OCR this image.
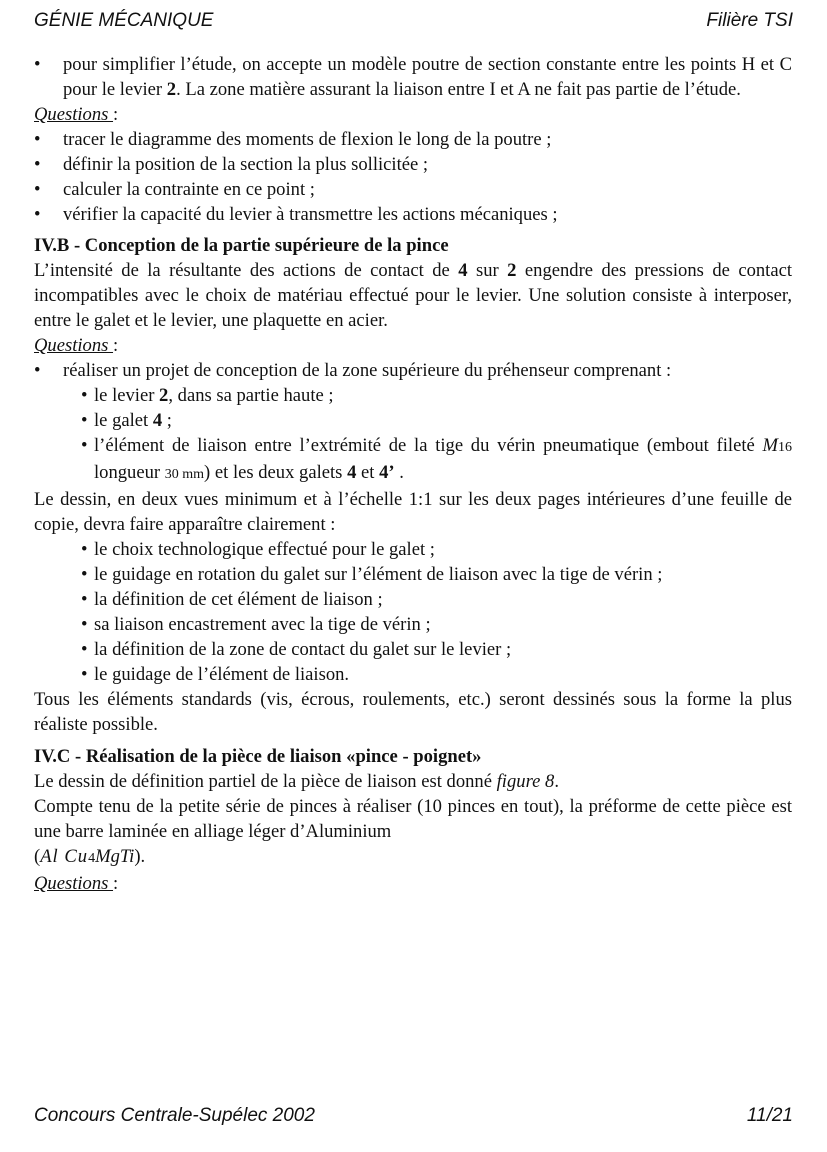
GÉNIE MÉCANIQUE	Filière TSI

• pour simplifier l’étude, on accepte un modèle poutre de section constante entre les points H et C pour le levier 2. La zone matière assurant la liaison entre I et A ne fait pas partie de l’étude.

Questions :

• tracer le diagramme des moments de flexion le long de la poutre ;

• définir la position de la section la plus sollicitée ;

• calculer la contrainte en ce point ;

• vérifier la capacité du levier à transmettre les actions mécaniques ;

IV.B - Conception de la partie supérieure de la pince

L’intensité de la résultante des actions de contact de 4 sur 2 engendre des pressions de contact incompatibles avec le choix de matériau effectué pour le levier. Une solution consiste à interposer, entre le galet et le levier, une plaquette en acier.

Questions :

• réaliser un projet de conception de la zone supérieure du préhenseur comprenant :

• le levier 2, dans sa partie haute ;

• le galet 4 ;

• l’élément de liaison entre l’extrémité de la tige du vérin pneumatique (embout fileté M16 longueur 30 mm) et les deux galets 4 et 4’ .

Le dessin, en deux vues minimum et à l’échelle 1:1 sur les deux pages intérieures d’une feuille de copie, devra faire apparaître clairement :

• le choix technologique effectué pour le galet ;

• le guidage en rotation du galet sur l’élément de liaison avec la tige de vérin ;

• la définition de cet élément de liaison ;

• sa liaison encastrement avec la tige de vérin ;

• la définition de la zone de contact du galet sur le levier ;

• le guidage de l’élément de liaison.

Tous les éléments standards (vis, écrous, roulements, etc.) seront dessinés sous la forme la plus réaliste possible.

IV.C - Réalisation de la pièce de liaison «pince - poignet»

Le dessin de définition partiel de la pièce de liaison est donné figure 8.

Compte tenu de la petite série de pinces à réaliser (10 pinces en tout), la préforme de cette pièce est une barre laminée en alliage léger d’Aluminium

(Al Cu4MgTi).

Questions :

Concours Centrale-Supélec 2002	11/21
